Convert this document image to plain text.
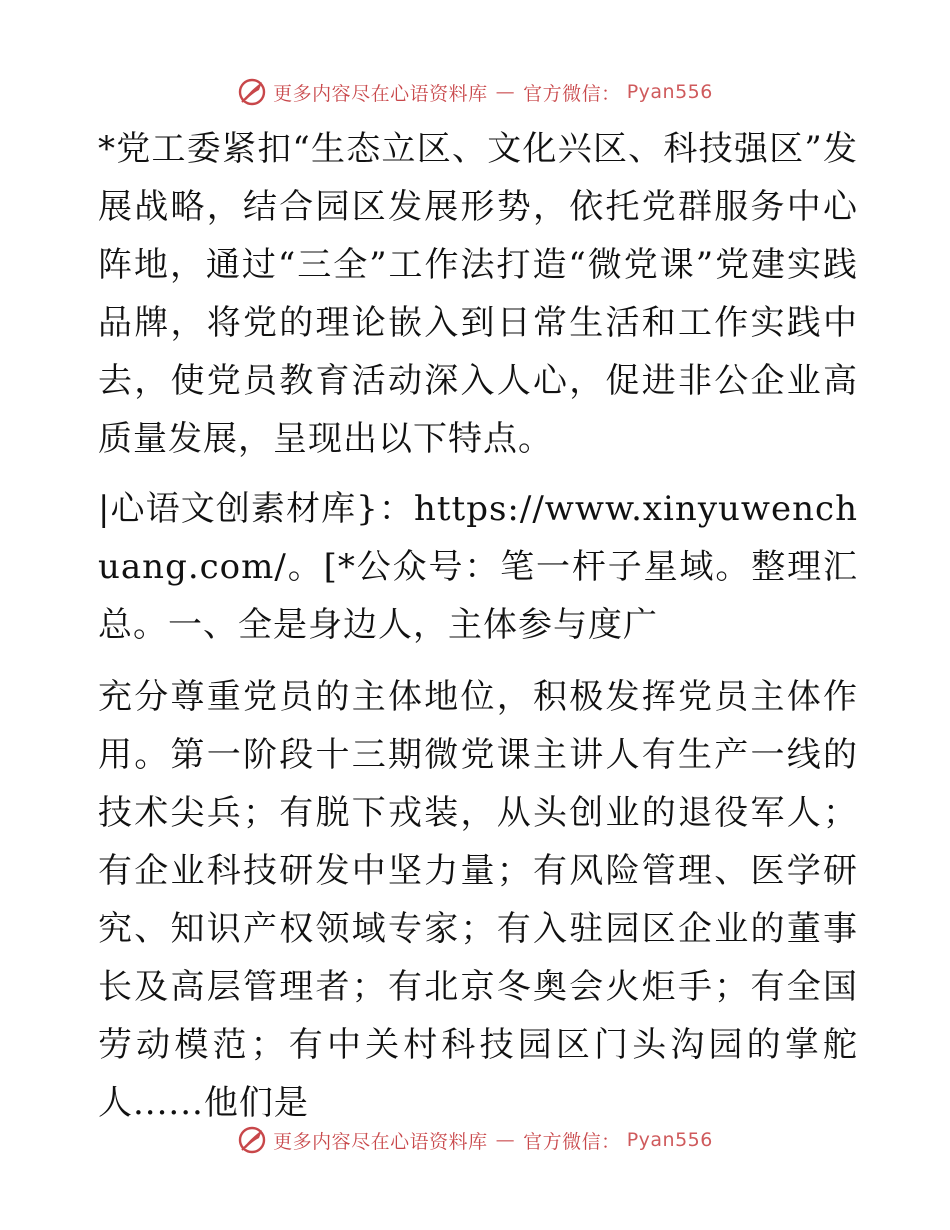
更多内容尽在心语资料库 — 官方微信： Pyan556

*党工委紧扣“生态立区、文化兴区、科技强区”发展战略，结合园区发展形势，依托党群服务中心阵地，通过“三全”工作法打造“微党课”党建实践品牌，将党的理论嵌入到日常生活和工作实践中去，使党员教育活动深入人心，促进非公企业高质量发展，呈现出以下特点。

|心语文创素材库}：https://www.xinyuwenchuang.com/。[*公众号：笔一杆子星域。整理汇总。一、全是身边人，主体参与度广

充分尊重党员的主体地位，积极发挥党员主体作用。第一阶段十三期微党课主讲人有生产一线的技术尖兵；有脱下戎装，从头创业的退役军人；有企业科技研发中坚力量；有风险管理、医学研究、知识产权领域专家；有入驻园区企业的董事长及高层管理者；有北京冬奥会火炬手；有全国劳动模范；有中关村科技园区门头沟园的掌舵人......他们是

更多内容尽在心语资料库 — 官方微信： Pyan556
